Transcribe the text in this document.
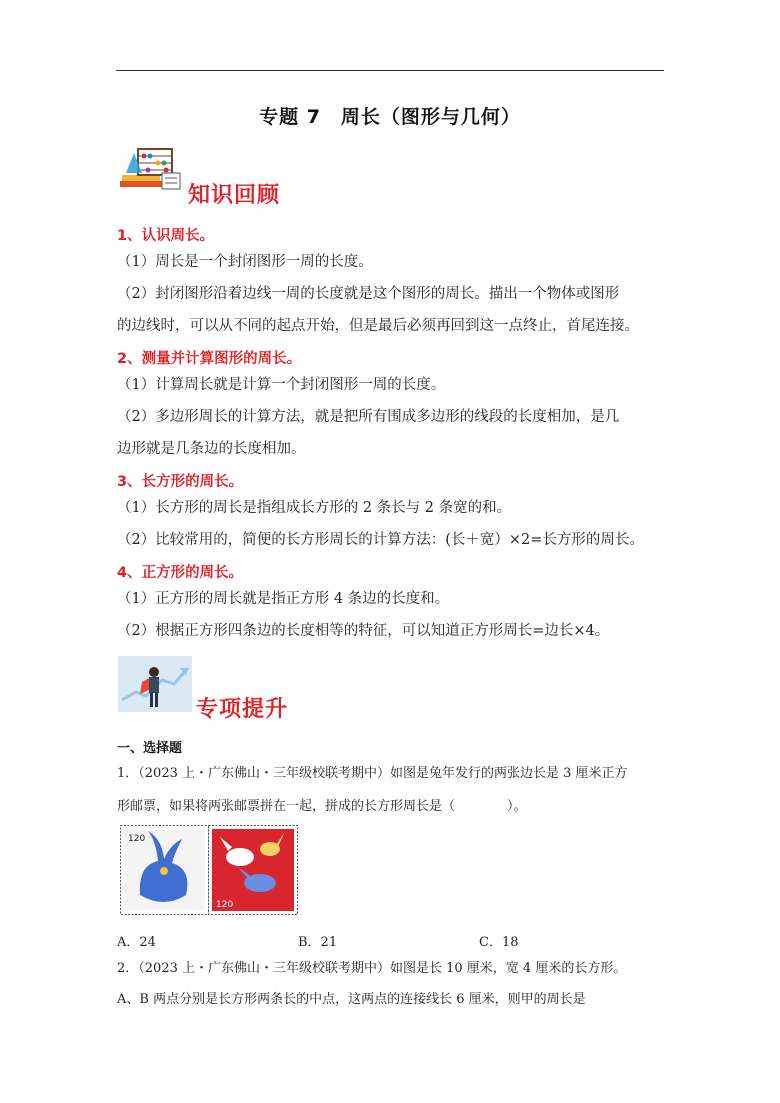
专题 7　周长（图形与几何）
知识回顾
1、认识周长。
（1）周长是一个封闭图形一周的长度。
（2）封闭图形沿着边线一周的长度就是这个图形的周长。描出一个物体或图形
的边线时，可以从不同的起点开始，但是最后必须再回到这一点终止，首尾连接。
2、测量并计算图形的周长。
（1）计算周长就是计算一个封闭图形一周的长度。
（2）多边形周长的计算方法，就是把所有围成多边形的线段的长度相加，是几
边形就是几条边的长度相加。
3、长方形的周长。
（1）长方形的周长是指组成长方形的 2 条长与 2 条宽的和。
（2）比较常用的，简便的长方形周长的计算方法：(长＋宽）×2=长方形的周长。
4、正方形的周长。
（1）正方形的周长就是指正方形 4 条边的长度和。
（2）根据正方形四条边的长度相等的特征，可以知道正方形周长=边长×4。
专项提升
一、选择题
1．（2023 上・广东佛山・三年级校联考期中）如图是兔年发行的两张边长是 3 厘米正方
形邮票，如果将两张邮票拼在一起，拼成的长方形周长是（　　　　）。
120
120
A．24	B．21	C．18
2．（2023 上・广东佛山・三年级校联考期中）如图是长 10 厘米，宽 4 厘米的长方形。
A、B 两点分别是长方形两条长的中点，这两点的连接线长 6 厘米，则甲的周长是
